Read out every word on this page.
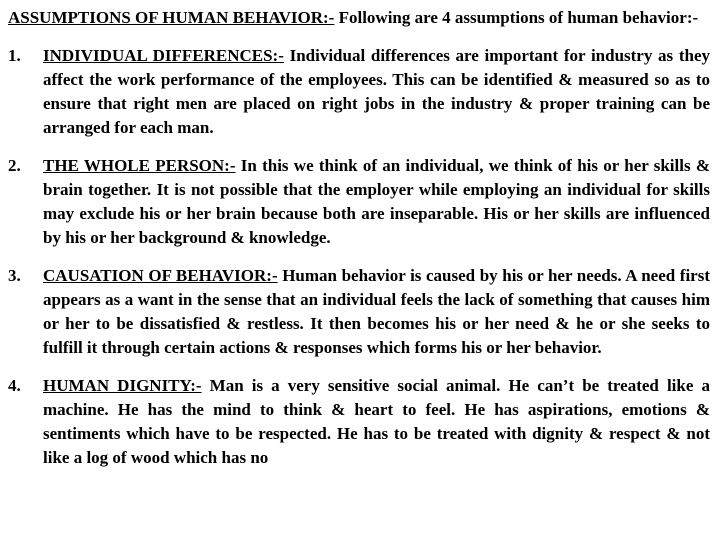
ASSUMPTIONS OF HUMAN BEHAVIOR:- Following are 4 assumptions of human behavior:-

1.	INDIVIDUAL DIFFERENCES:- Individual differences are important for industry as they affect the work performance of the employees. This can be identified & measured so as to ensure that right men are placed on right jobs in the industry & proper training can be arranged for each man.
2.	THE WHOLE PERSON:- In this we think of an individual, we think of his or her skills & brain together. It is not possible that the employer while employing an individual for skills may exclude his or her brain because both are inseparable. His or her skills are influenced by his or her background & knowledge.
3.	CAUSATION OF BEHAVIOR:- Human behavior is caused by his or her needs. A need first appears as a want in the sense that an individual feels the lack of something that causes him or her to be dissatisfied & restless. It then becomes his or her need & he or she seeks to fulfill it through certain actions & responses which forms his or her behavior.
4.	HUMAN DIGNITY:- Man is a very sensitive social animal. He can’t be treated like a machine. He has the mind to think & heart to feel. He has aspirations, emotions & sentiments which have to be respected. He has to be treated with dignity & respect & not like a log of wood which has no
